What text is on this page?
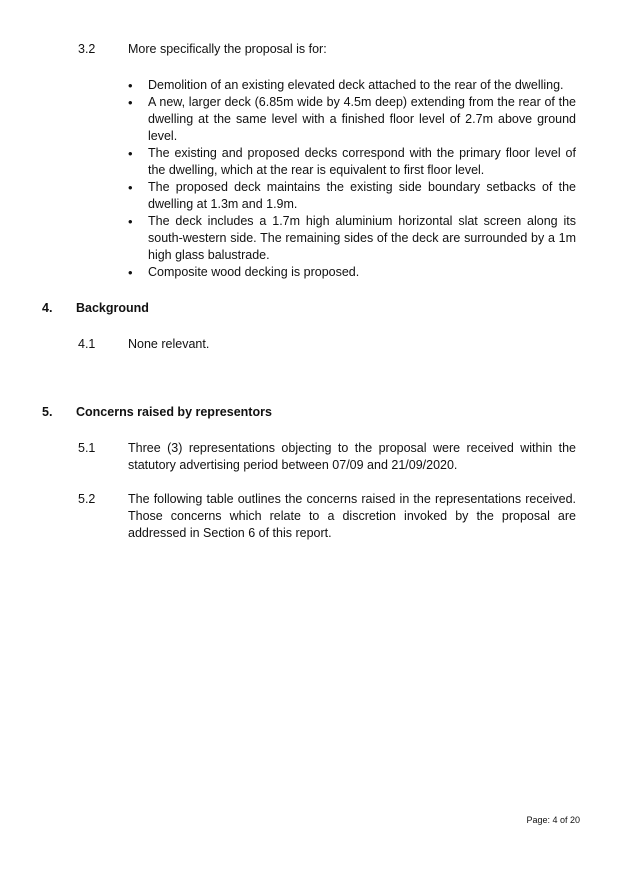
3.2	More specifically the proposal is for:
• Demolition of an existing elevated deck attached to the rear of the dwelling.
• A new, larger deck (6.85m wide by 4.5m deep) extending from the rear of the dwelling at the same level with a finished floor level of 2.7m above ground level.
• The existing and proposed decks correspond with the primary floor level of the dwelling, which at the rear is equivalent to first floor level.
• The proposed deck maintains the existing side boundary setbacks of the dwelling at 1.3m and 1.9m.
• The deck includes a 1.7m high aluminium horizontal slat screen along its south-western side. The remaining sides of the deck are surrounded by a 1m high glass balustrade.
• Composite wood decking is proposed.
4. Background
4.1	None relevant.
5. Concerns raised by representors
5.1	Three (3) representations objecting to the proposal were received within the statutory advertising period between 07/09 and 21/09/2020.
5.2	The following table outlines the concerns raised in the representations received. Those concerns which relate to a discretion invoked by the proposal are addressed in Section 6 of this report.
Page: 4 of 20
